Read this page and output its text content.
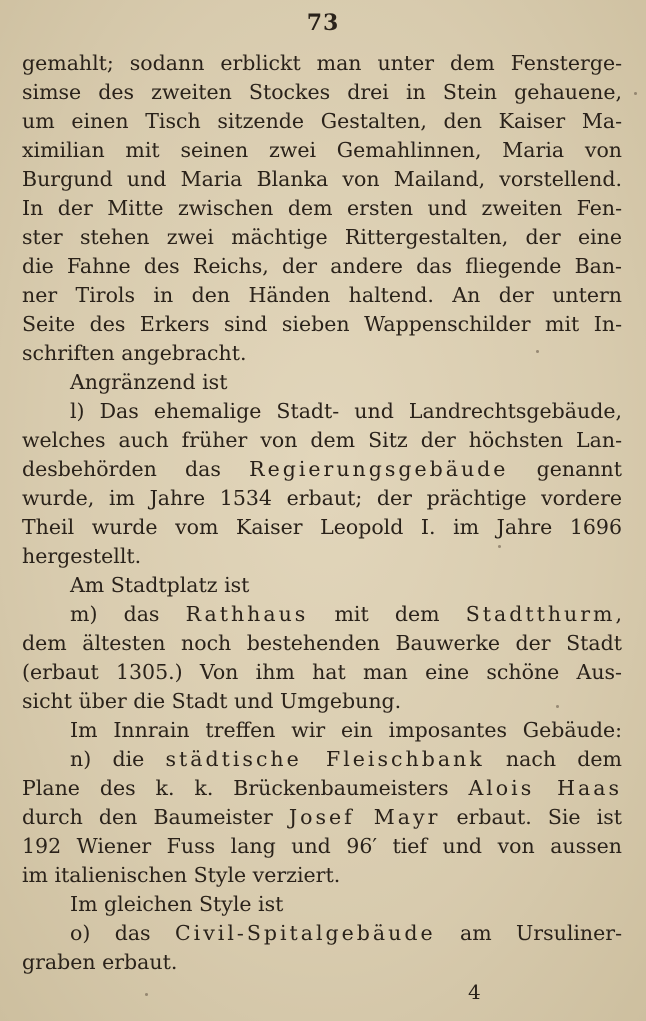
73
gemahlt; sodann erblickt man unter dem Fensterge-
simse des zweiten Stockes drei in Stein gehauene,
um einen Tisch sitzende Gestalten, den Kaiser Ma-
ximilian mit seinen zwei Gemahlinnen, Maria von
Burgund und Maria Blanka von Mailand, vorstellend.
In der Mitte zwischen dem ersten und zweiten Fen-
ster stehen zwei mächtige Rittergestalten, der eine
die Fahne des Reichs, der andere das fliegende Ban-
ner Tirols in den Händen haltend. An der untern
Seite des Erkers sind sieben Wappenschilder mit In-
schriften angebracht.
Angränzend ist
l) Das ehemalige Stadt- und Landrechtsgebäude,
welches auch früher von dem Sitz der höchsten Lan-
desbehörden das Regierungsgebäude genannt
wurde, im Jahre 1534 erbaut; der prächtige vordere
Theil wurde vom Kaiser Leopold I. im Jahre 1696
hergestellt.
Am Stadtplatz ist
m) das Rathhaus mit dem Stadtthurm,
dem ältesten noch bestehenden Bauwerke der Stadt
(erbaut 1305.) Von ihm hat man eine schöne Aus-
sicht über die Stadt und Umgebung.
Im Innrain treffen wir ein imposantes Gebäude:
n) die städtische Fleischbank nach dem
Plane des k. k. Brückenbaumeisters Alois Haas
durch den Baumeister Josef Mayr erbaut. Sie ist
192 Wiener Fuss lang und 96′ tief und von aussen
im italienischen Style verziert.
Im gleichen Style ist
o) das Civil-Spitalgebäude am Ursuliner-
graben erbaut.
4
